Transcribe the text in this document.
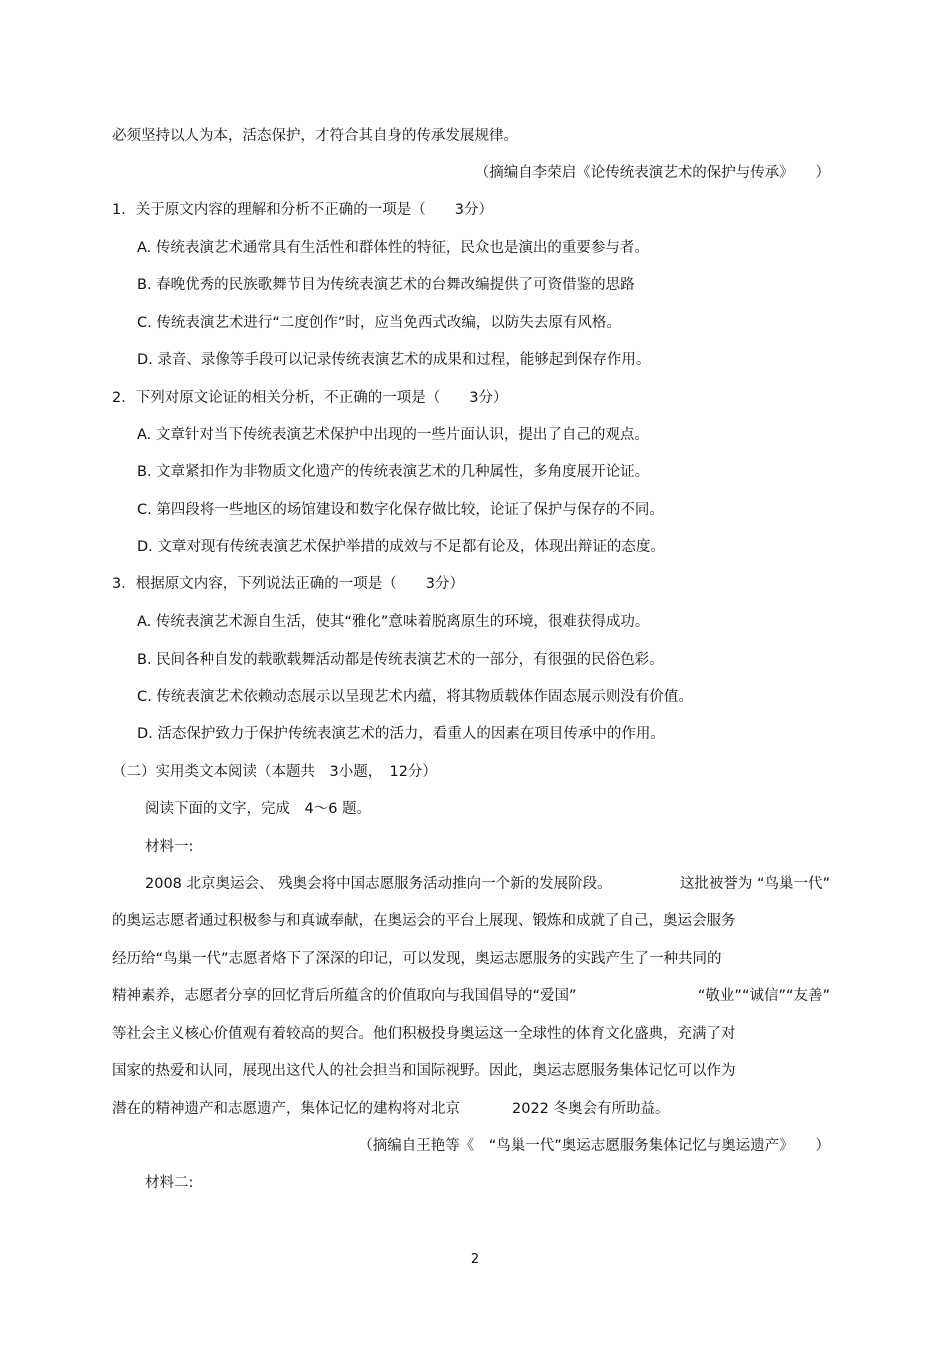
必须坚持以人为本，活态保护，才符合其自身的传承发展规律。
（摘编自李荣启《论传统表演艺术的保护与传承》　　）
1．关于原文内容的理解和分析不正确的一项是（　　3分）
A. 传统表演艺术通常具有生活性和群体性的特征，民众也是演出的重要参与者。
B. 春晚优秀的民族歌舞节目为传统表演艺术的台舞改编提供了可资借鉴的思路
C. 传统表演艺术进行“二度创作”时，应当免西式改编，以防失去原有风格。
D. 录音、录像等手段可以记录传统表演艺术的成果和过程，能够起到保存作用。
2．下列对原文论证的相关分析，不正确的一项是（　　3分）
A. 文章针对当下传统表演艺术保护中出现的一些片面认识，提出了自己的观点。
B. 文章紧扣作为非物质文化遗产的传统表演艺术的几种属性，多角度展开论证。
C. 第四段将一些地区的场馆建设和数字化保存做比较，论证了保护与保存的不同。
D. 文章对现有传统表演艺术保护举措的成效与不足都有论及，体现出辩证的态度。
3．根据原文内容，下列说法正确的一项是（　　3分）
A. 传统表演艺术源自生活，使其“雅化”意味着脱离原生的环境，很难获得成功。
B. 民间各种自发的载歌载舞活动都是传统表演艺术的一部分，有很强的民俗色彩。
C. 传统表演艺术依赖动态展示以呈现艺术内蕴，将其物质载体作固态展示则没有价值。
D. 活态保护致力于保护传统表演艺术的活力，看重人的因素在项目传承中的作用。
（二）实用类文本阅读（本题共　3小题，　12分）
阅读下面的文字，完成　4～6 题。
材料一:
2008 北京奥运会、 残奥会将中国志愿服务活动推向一个新的发展阶段。	这批被誉为 “鸟巢一代”
的奥运志愿者通过积极参与和真诚奉献，在奥运会的平台上展现、锻炼和成就了自己，奥运会服务
经历给“鸟巢一代”志愿者烙下了深深的印记，可以发现，奥运志愿服务的实践产生了一种共同的
精神素养，志愿者分享的回忆背后所蕴含的价值取向与我国倡导的“爱国”	“敬业”“诚信”“友善”
等社会主义核心价值观有着较高的契合。他们积极投身奥运这一全球性的体育文化盛典，充满了对
国家的热爱和认同，展现出这代人的社会担当和国际视野。因此，奥运志愿服务集体记忆可以作为
潜在的精神遗产和志愿遗产，集体记忆的建构将对北京	2022 冬奥会有所助益。
（摘编自王艳等《　“鸟巢一代”奥运志愿服务集体记忆与奥运遗产》　　）
材料二:
2
